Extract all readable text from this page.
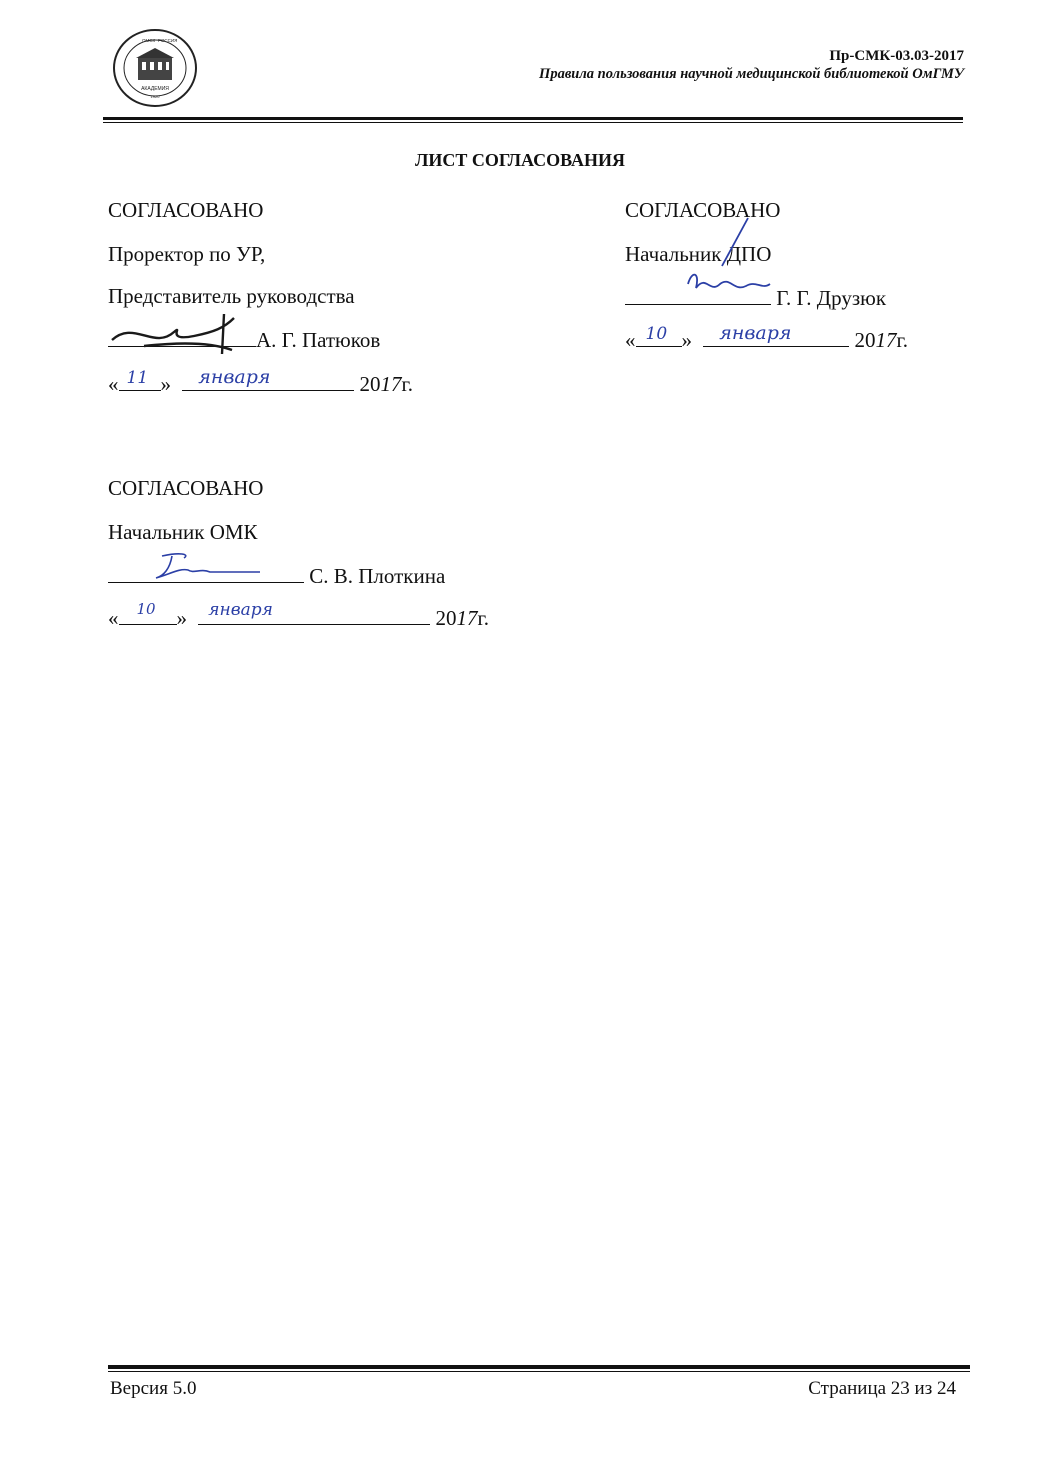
АКАДЕМИЯ
1920
ОМСК РОССИЯ
Пр-СМК-03.03-2017
Правила пользования научной медицинской библиотекой ОмГМУ
ЛИСТ СОГЛАСОВАНИЯ
СОГЛАСОВАНО
Проректор по УР,
Представитель руководства
А. Г. Патюков
« 11 » января	2017г.
СОГЛАСОВАНО
Начальник ДПО
Г. Г. Друзюк
« 10 » января	2017г.
СОГЛАСОВАНО
Начальник ОМК
С. В. Плоткина
« 10 » января	2017г.
Версия 5.0	Страница 23 из 24
